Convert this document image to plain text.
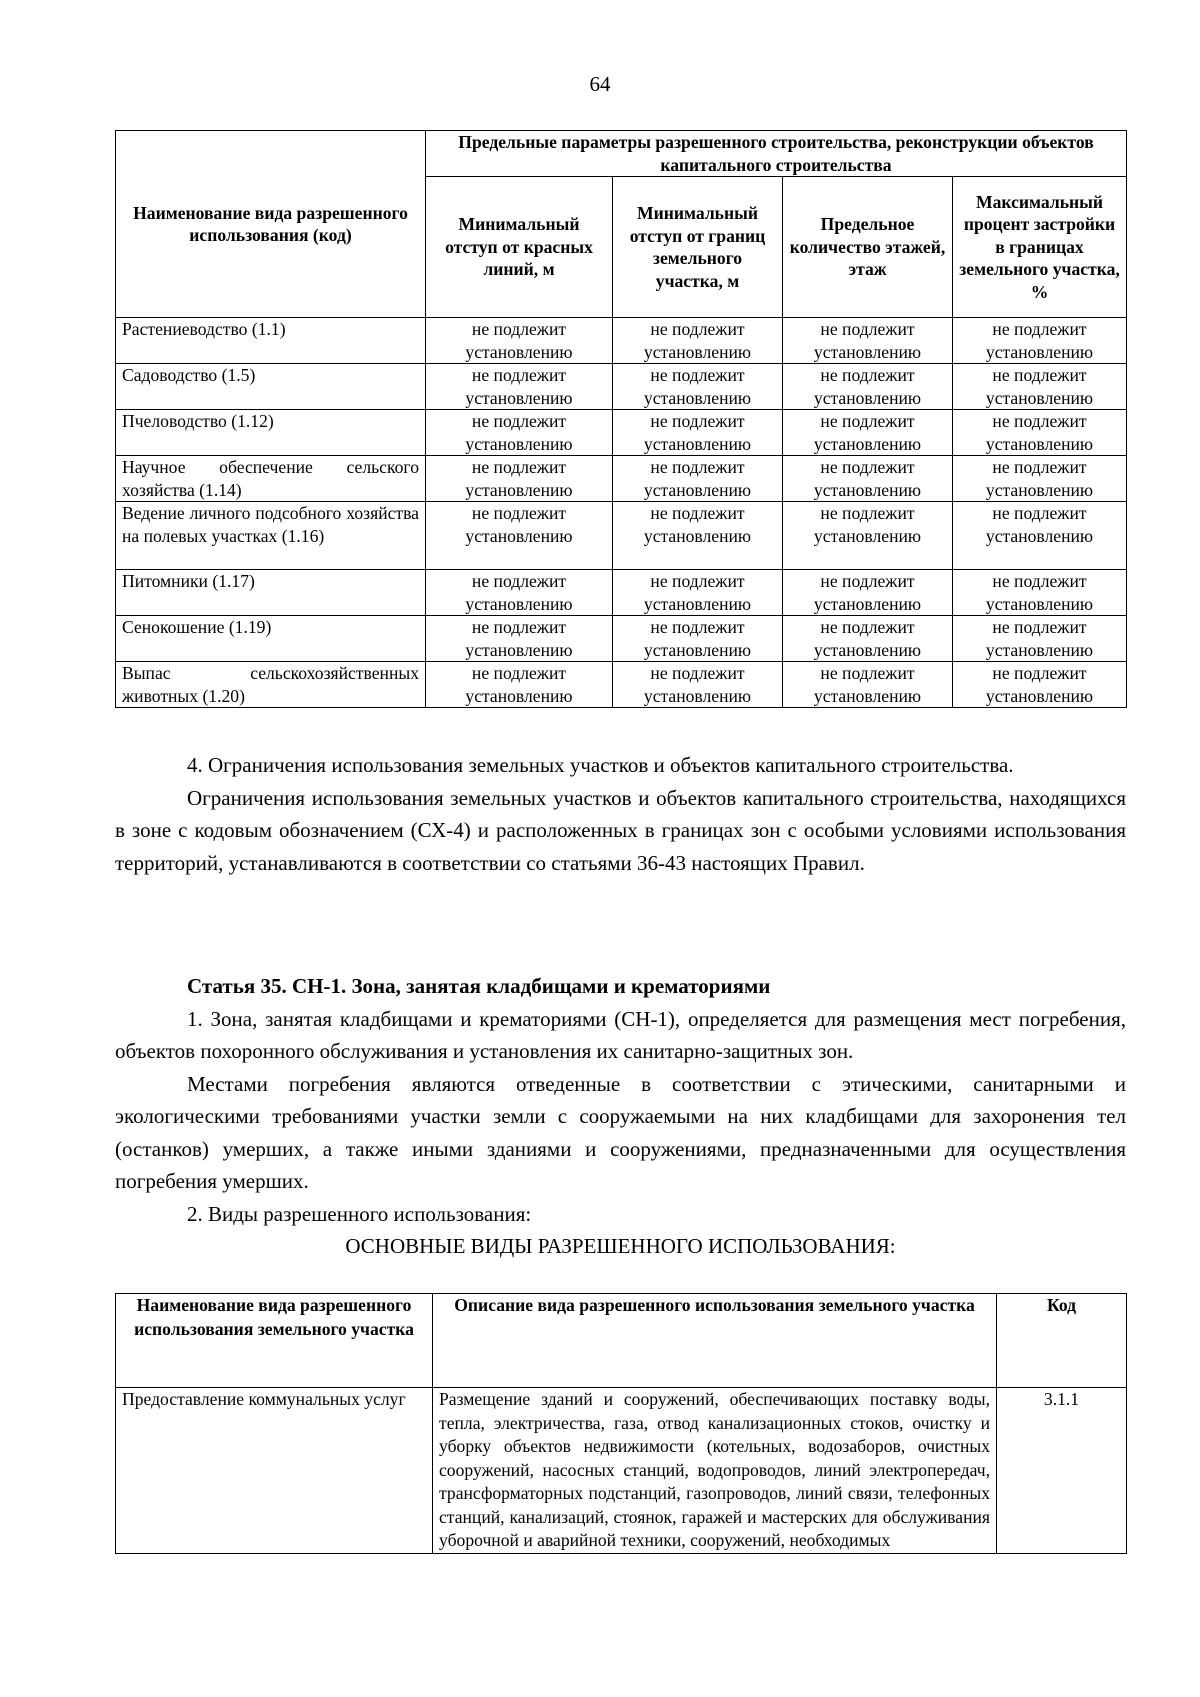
64
Наименование вида разрешенного использования (код)	Предельные параметры разрешенного строительства, реконструкции объектов капитального строительства			
	Минимальный отступ от красных линий, м	Минимальный отступ от границ земельного участка, м	Предельное количество этажей, этаж	Максимальный процент застройки в границах земельного участка, %
Растениеводство (1.1)	не подлежит установлению	не подлежит установлению	не подлежит установлению	не подлежит установлению
Садоводство (1.5)	не подлежит установлению	не подлежит установлению	не подлежит установлению	не подлежит установлению
Пчеловодство (1.12)	не подлежит установлению	не подлежит установлению	не подлежит установлению	не подлежит установлению
Научное обеспечение сельского хозяйства (1.14)	не подлежит установлению	не подлежит установлению	не подлежит установлению	не подлежит установлению
Ведение личного подсобного хозяйства на полевых участках (1.16)	не подлежит установлению	не подлежит установлению	не подлежит установлению	не подлежит установлению
Питомники (1.17)	не подлежит установлению	не подлежит установлению	не подлежит установлению	не подлежит установлению
Сенокошение (1.19)	не подлежит установлению	не подлежит установлению	не подлежит установлению	не подлежит установлению
Выпас сельскохозяйственных животных (1.20)	не подлежит установлению	не подлежит установлению	не подлежит установлению	не подлежит установлению

4. Ограничения использования земельных участков и объектов капитального строительства.

Ограничения использования земельных участков и объектов капитального строительства, находящихся в зоне с кодовым обозначением (СХ-4) и расположенных в границах зон с особыми условиями использования территорий, устанавливаются в соответствии со статьями 36-43 настоящих Правил.

Статья 35. СН-1. Зона, занятая кладбищами и крематориями

1. Зона, занятая кладбищами и крематориями (СН-1), определяется для размещения мест погребения, объектов похоронного обслуживания и установления их санитарно-защитных зон.

Местами погребения являются отведенные в соответствии с этическими, санитарными и экологическими требованиями участки земли с сооружаемыми на них кладбищами для захоронения тел (останков) умерших, а также иными зданиями и сооружениями, предназначенными для осуществления погребения умерших.

2. Виды разрешенного использования:

ОСНОВНЫЕ ВИДЫ РАЗРЕШЕННОГО ИСПОЛЬЗОВАНИЯ:

Наименование вида разрешенного использования земельного участка	Описание вида разрешенного использования земельного участка	Код
Предоставление коммунальных услуг	Размещение зданий и сооружений, обеспечивающих поставку воды, тепла, электричества, газа, отвод канализационных стоков, очистку и уборку объектов недвижимости (котельных, водозаборов, очистных сооружений, насосных станций, водопроводов, линий электропередач, трансформаторных подстанций, газопроводов, линий связи, телефонных станций, канализаций, стоянок, гаражей и мастерских для обслуживания уборочной и аварийной техники, сооружений, необходимых	3.1.1
